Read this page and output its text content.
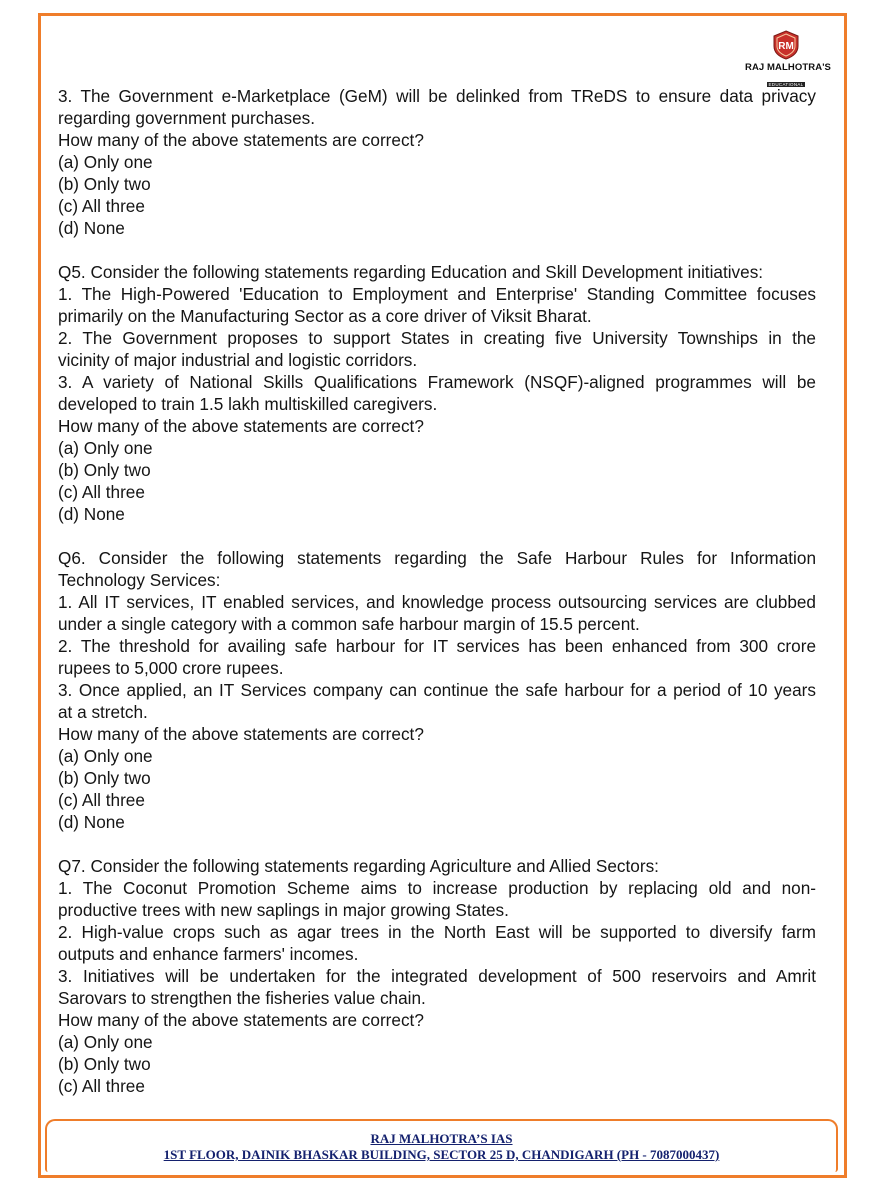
RM
RAJ MALHOTRA'S
EDUCATIONAL
3. The Government e-Marketplace (GeM) will be delinked from TReDS to ensure data privacy
regarding government purchases.
How many of the above statements are correct?
(a) Only one
(b) Only two
(c) All three
(d) None
Q5. Consider the following statements regarding Education and Skill Development initiatives:
1. The High-Powered 'Education to Employment and Enterprise' Standing Committee focuses
primarily on the Manufacturing Sector as a core driver of Viksit Bharat.
2. The Government proposes to support States in creating five University Townships in the
vicinity of major industrial and logistic corridors.
3. A variety of National Skills Qualifications Framework (NSQF)-aligned programmes will be
developed to train 1.5 lakh multiskilled caregivers.
How many of the above statements are correct?
(a) Only one
(b) Only two
(c) All three
(d) None
Q6. Consider the following statements regarding the Safe Harbour Rules for Information
Technology Services:
1. All IT services, IT enabled services, and knowledge process outsourcing services are clubbed
under a single category with a common safe harbour margin of 15.5 percent.
2. The threshold for availing safe harbour for IT services has been enhanced from 300 crore
rupees to 5,000 crore rupees.
3. Once applied, an IT Services company can continue the safe harbour for a period of 10 years
at a stretch.
How many of the above statements are correct?
(a) Only one
(b) Only two
(c) All three
(d) None
Q7. Consider the following statements regarding Agriculture and Allied Sectors:
1. The Coconut Promotion Scheme aims to increase production by replacing old and non-
productive trees with new saplings in major growing States.
2. High-value crops such as agar trees in the North East will be supported to diversify farm
outputs and enhance farmers' incomes.
3. Initiatives will be undertaken for the integrated development of 500 reservoirs and Amrit
Sarovars to strengthen the fisheries value chain.
How many of the above statements are correct?
(a) Only one
(b) Only two
(c) All three
RAJ MALHOTRA’S IAS
1ST FLOOR, DAINIK BHASKAR BUILDING, SECTOR 25 D, CHANDIGARH (PH - 7087000437)
